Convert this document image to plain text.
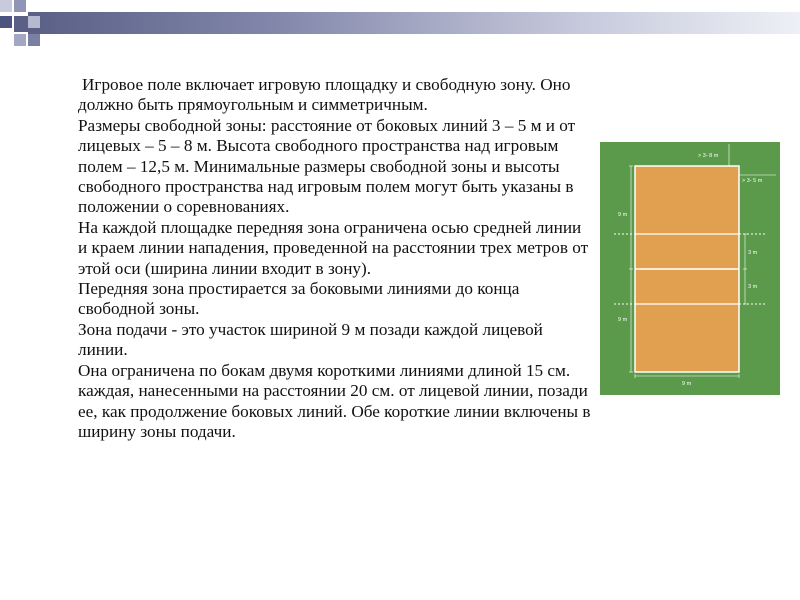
Игровое поле включает игровую площадку и свободную зону. Оно должно быть прямоугольным и симметричным.

Размеры свободной зоны: расстояние от боковых линий 3 – 5 м и от лицевых – 5 – 8 м. Высота свободного пространства над игровым полем – 12,5 м. Минимальные размеры свободной зоны и высоты свободного пространства над игровым полем могут быть указаны в положении о соревнованиях.

На каждой площадке передняя зона ограничена осью средней линии и краем линии нападения, проведенной на расстоянии трех метров от этой оси (ширина линии входит в зону).

Передняя зона простирается за боковыми линиями до конца свободной зоны.

Зона подачи - это участок шириной 9 м позади каждой лицевой линии.

Она ограничена по бокам двумя короткими линиями длиной 15 см. каждая, нанесенными на расстоянии 20 см. от лицевой линии, позади ее, как продолжение боковых линий. Обе короткие линии включены в ширину зоны подачи.

> 3- 8 m
> 3- 5 m
9 m
9 m
3 m
3 m
9 m
